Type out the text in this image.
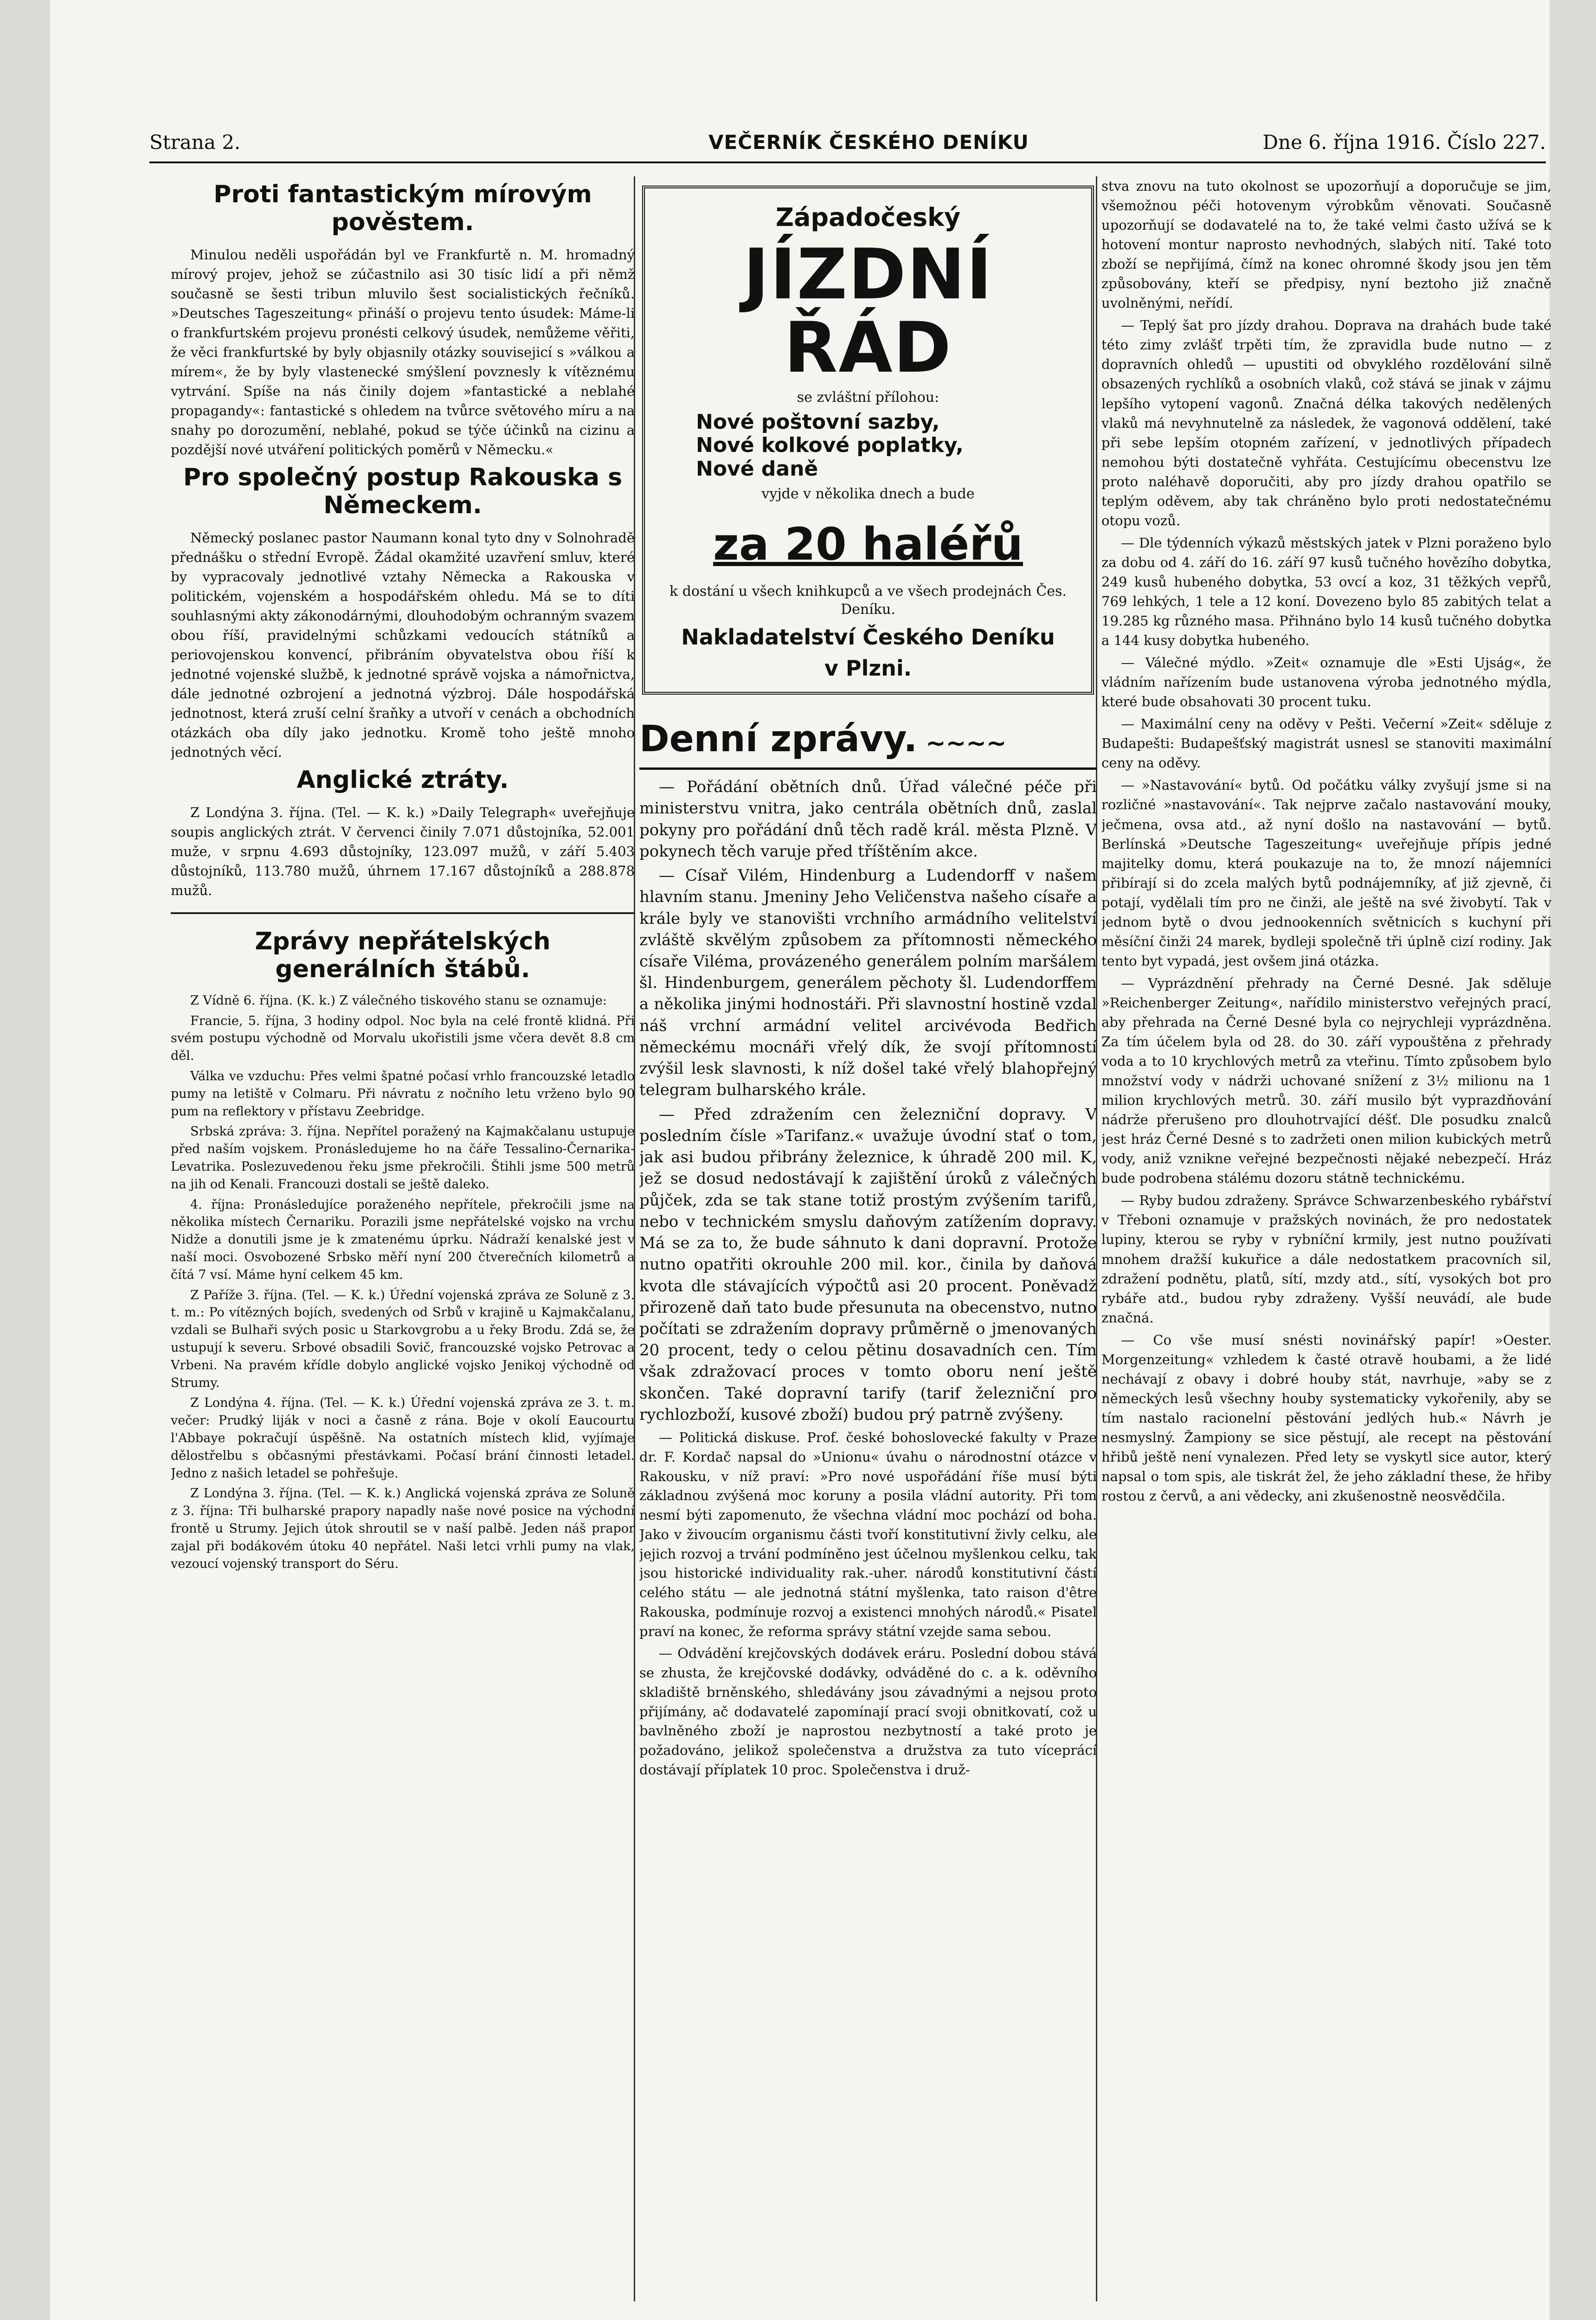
Strana 2.	VEČERNÍK ČESKÉHO DENÍKU	Dne 6. října 1916. Číslo 227.
Proti fantastickým mírovým pověstem.

Minulou neděli uspořádán byl ve Frankfurtě n. M. hromadný mírový projev, jehož se zúčastnilo asi 30 tisíc lidí a při němž současně se šesti tribun mluvilo šest socialistických řečníků. »Deutsches Tageszeitung« přináší o projevu tento úsudek: Máme-li o frankfurtském projevu pronésti celkový úsudek, nemůžeme věřiti, že věci frankfurtské by byly objasnily otázky souvisejicí s »válkou a mírem«, že by byly vlastenecké smýšlení povznesly k vítěznému vytrvání. Spíše na nás činily dojem »fantastické a neblahé propagandy«: fantastické s ohledem na tvůrce světového míru a na snahy po dorozumění, neblahé, pokud se týče účinků na cizinu a pozdější nové utváření politických poměrů v Německu.«

Pro společný postup Rakouska s Německem.

Německý poslanec pastor Naumann konal tyto dny v Solnohradě přednášku o střední Evropě. Žádal okamžité uzavření smluv, které by vypracovaly jednotlivé vztahy Německa a Rakouska v politickém, vojenském a hospodářském ohledu. Má se to díti souhlasnými akty zákonodárnými, dlouhodobým ochranným svazem obou říší, pravidelnými schůzkami vedoucích státníků a periovojenskou konvencí, přibráním obyvatelstva obou říší k jednotné vojenské službě, k jednotné správě vojska a námořnictva, dále jednotné ozbrojení a jednotná výzbroj. Dále hospodářská jednotnost, která zruší celní šraňky a utvoří v cenách a obchodních otázkách oba díly jako jednotku. Kromě toho ještě mnoho jednotných věcí.

Anglické ztráty.

Z Londýna 3. října. (Tel. — K. k.) »Daily Telegraph« uveřejňuje soupis anglických ztrát. V červenci činily 7.071 důstojníka, 52.001 muže, v srpnu 4.693 důstojníky, 123.097 mužů, v září 5.403 důstojníků, 113.780 mužů, úhrnem 17.167 důstojníků a 288.878 mužů.

Zprávy nepřátelských generálních štábů.

Z Vídně 6. října. (K. k.) Z válečného tiskového stanu se oznamuje:

Francie, 5. října, 3 hodiny odpol. Noc byla na celé frontě klidná. Při svém postupu východně od Morvalu ukořistili jsme včera devět 8.8 cm děl.

Válka ve vzduchu: Přes velmi špatné počasí vrhlo francouzské letadlo pumy na letiště v Colmaru. Při návratu z nočního letu vrženo bylo 90 pum na reflektory v přístavu Zeebridge.

Srbská zpráva: 3. října. Nepřítel poražený na Kajmakčalanu ustupuje před naším vojskem. Pronásledujeme ho na čáře Tessalino-Černarika-Levatrika. Poslezuvedenou řeku jsme překročili. Štihli jsme 500 metrů na jih od Kenali. Francouzi dostali se ještě daleko.

4. října: Pronásledujíce poraženého nepřítele, překročili jsme na několika místech Černariku. Porazili jsme nepřátelské vojsko na vrchu Nidže a donutili jsme je k zmatenému úprku. Nádraží kenalské jest v naší moci. Osvobozené Srbsko měří nyní 200 čtverečních kilometrů a čítá 7 vsí. Máme hyní celkem 45 km.

Z Paříže 3. října. (Tel. — K. k.) Úřední vojenská zpráva ze Soluně z 3. t. m.: Po vítězných bojích, svedených od Srbů v krajině u Kajmakčalanu, vzdali se Bulhaři svých posic u Starkovgrobu a u řeky Brodu. Zdá se, že ustupují k severu. Srbové obsadili Sovič, francouzské vojsko Petrovac a Vrbeni. Na pravém křídle dobylo anglické vojsko Jenikoj východně od Strumy.

Z Londýna 4. října. (Tel. — K. k.) Úřední vojenská zpráva ze 3. t. m. večer: Prudký liják v noci a časně z rána. Boje v okolí Eaucourtu l'Abbaye pokračují úspěšně. Na ostatních místech klid, vyjímaje dělostřelbu s občasnými přestávkami. Počasí brání činnosti letadel. Jedno z našich letadel se pohřešuje.

Z Londýna 3. října. (Tel. — K. k.) Anglická vojenská zpráva ze Soluně z 3. října: Tři bulharské prapory napadly naše nové posice na východní frontě u Strumy. Jejich útok shroutil se v naší palbě. Jeden náš prapor zajal při bodákovém útoku 40 nepřátel. Naši letci vrhli pumy na vlak, vezoucí vojenský transport do Séru.

Západočeský
JÍZDNÍ ŘÁD
se zvláštní přílohou:
Nové poštovní sazby,
Nové kolkové poplatky,
Nové daně
vyjde v několika dnech a bude
za 20 haléřů
k dostání u všech knihkupců a ve všech prodejnách Čes. Deníku.
Nakladatelství Českého Deníku
v Plzni.
Denní zprávy. ~~~~

— Pořádání obětních dnů. Úřad válečné péče při ministerstvu vnitra, jako centrála obětních dnů, zaslal pokyny pro pořádání dnů těch radě král. města Plzně. V pokynech těch varuje před tříštěním akce.

— Císař Vilém, Hindenburg a Ludendorff v našem hlavním stanu. Jmeniny Jeho Veličenstva našeho císaře a krále byly ve stanovišti vrchního armádního velitelství zvláště skvělým způsobem za přítomnosti německého císaře Viléma, provázeného generálem polním maršálem šl. Hindenburgem, generálem pěchoty šl. Ludendorffem a několika jinými hodnostáři. Při slavnostní hostině vzdal náš vrchní armádní velitel arcivévoda Bedřich německému mocnáři vřelý dík, že svojí přítomností zvýšil lesk slavnosti, k níž došel také vřelý blahopřejný telegram bulharského krále.

— Před zdražením cen železniční dopravy. V posledním čísle »Tarifanz.« uvažuje úvodní stať o tom, jak asi budou přibrány železnice, k úhradě 200 mil. K, jež se dosud nedostávají k zajištění úroků z válečných půjček, zda se tak stane totiž prostým zvýšením tarifů, nebo v technickém smyslu daňovým zatížením dopravy. Má se za to, že bude sáhnuto k dani dopravní. Protože nutno opatřiti okrouhle 200 mil. kor., činila by daňová kvota dle stávajících výpočtů asi 20 procent. Poněvadž přirozeně daň tato bude přesunuta na obecenstvo, nutno počítati se zdražením dopravy průměrně o jmenovaných 20 procent, tedy o celou pětinu dosavadních cen. Tím však zdražovací proces v tomto oboru není ještě skončen. Také dopravní tarify (tarif železniční pro rychlozboží, kusové zboží) budou prý patrně zvýšeny.

— Politická diskuse. Prof. české bohoslovecké fakulty v Praze dr. F. Kordač napsal do »Unionu« úvahu o národnostní otázce v Rakousku, v níž praví: »Pro nové uspořádání říše musí býti základnou zvýšená moc koruny a posila vládní autority. Při tom nesmí býti zapomenuto, že všechna vládní moc pochází od boha. Jako v živoucím organismu části tvoří konstitutivní živly celku, ale jejich rozvoj a trvání podmíněno jest účelnou myšlenkou celku, tak jsou historické individuality rak.-uher. národů konstitutivní částí celého státu — ale jednotná státní myšlenka, tato raison d'être Rakouska, podmínuje rozvoj a existenci mnohých národů.« Pisatel praví na konec, že reforma správy státní vzejde sama sebou.

— Odvádění krejčovských dodávek eráru. Poslední dobou stává se zhusta, že krejčovské dodávky, odváděné do c. a k. oděvního skladiště brněnského, shledávány jsou závadnými a nejsou proto přijímány, ač dodavatelé zapomínají prací svoji obnitkovatí, což u bavlněného zboží je naprostou nezbytností a také proto je požadováno, jelikož společenstva a družstva za tuto víceprácí dostávají příplatek 10 proc. Společenstva i druž-

stva znovu na tuto okolnost se upozorňují a doporučuje se jim, všemožnou péči hotovenym výrobkům věnovati. Současně upozorňují se dodavatelé na to, že také velmi často užívá se k hotovení montur naprosto nevhodných, slabých nití. Také toto zboží se nepřijímá, čímž na konec ohromné škody jsou jen těm způsobovány, kteří se předpisy, nyní beztoho již značně uvolněnými, neřídí.

— Teplý šat pro jízdy drahou. Doprava na drahách bude také této zimy zvlášť trpěti tím, že zpravidla bude nutno — z dopravních ohledů — upustiti od obvyklého rozdělování silně obsazených rychlíků a osobních vlaků, což stává se jinak v zájmu lepšího vytopení vagonů. Značná délka takových nedělených vlaků má nevyhnutelně za následek, že vagonová oddělení, také při sebe lepším otopném zařízení, v jednotlivých případech nemohou býti dostatečně vyhřáta. Cestujícímu obecenstvu lze proto naléhavě doporučiti, aby pro jízdy drahou opatřilo se teplým oděvem, aby tak chráněno bylo proti nedostatečnému otopu vozů.

— Dle týdenních výkazů městských jatek v Plzni poraženo bylo za dobu od 4. září do 16. září 97 kusů tučného hovězího dobytka, 249 kusů hubeného dobytka, 53 ovcí a koz, 31 těžkých vepřů, 769 lehkých, 1 tele a 12 koní. Dovezeno bylo 85 zabitých telat a 19.285 kg různého masa. Přihnáno bylo 14 kusů tučného dobytka a 144 kusy dobytka hubeného.

— Válečné mýdlo. »Zeit« oznamuje dle »Esti Ujság«, že vládním nařízením bude ustanovena výroba jednotného mýdla, které bude obsahovati 30 procent tuku.

— Maximální ceny na oděvy v Pešti. Večerní »Zeit« sděluje z Budapešti: Budapešťský magistrát usnesl se stanoviti maximální ceny na oděvy.

— »Nastavování« bytů. Od počátku války zvyšují jsme si na rozličné »nastavování«. Tak nejprve začalo nastavování mouky, ječmena, ovsa atd., až nyní došlo na nastavování — bytů. Berlínská »Deutsche Tageszeitung« uveřejňuje přípis jedné majitelky domu, která poukazuje na to, že mnozí nájemníci přibírají si do zcela malých bytů podnájemníky, ať již zjevně, či potají, vydělali tím pro ne činži, ale ještě na své živobytí. Tak v jednom bytě o dvou jednookenních světnicích s kuchyní při měsíční činži 24 marek, bydleji společně tři úplně cizí rodiny. Jak tento byt vypadá, jest ovšem jiná otázka.

— Vyprázdnění přehrady na Černé Desné. Jak sděluje »Reichenberger Zeitung«, nařídilo ministerstvo veřejných prací, aby přehrada na Černé Desné byla co nejrychleji vyprázdněna. Za tím účelem byla od 28. do 30. září vypouštěna z přehrady voda a to 10 krychlových metrů za vteřinu. Tímto způsobem bylo množství vody v nádrži uchované snížení z 3½ milionu na 1 milion krychlových metrů. 30. září musilo být vyprazdňování nádrže přerušeno pro dlouhotrvající déšť. Dle posudku znalců jest hráz Černé Desné s to zadržeti onen milion kubických metrů vody, aniž vznikne veřejné bezpečnosti nějaké nebezpečí. Hráz bude podrobena stálému dozoru státně technickému.

— Ryby budou zdraženy. Správce Schwarzenbeského rybářství v Třeboni oznamuje v pražských novinách, že pro nedostatek lupiny, kterou se ryby v rybníční krmily, jest nutno používati mnohem dražší kukuřice a dále nedostatkem pracovních sil, zdražení podnětu, platů, sítí, mzdy atd., sítí, vysokých bot pro rybáře atd., budou ryby zdraženy. Vyšší neuvádí, ale bude značná.

— Co vše musí snésti novinářský papír! »Oester. Morgenzeitung« vzhledem k časté otravě houbami, a že lidé nechávají z obavy i dobré houby stát, navrhuje, »aby se z německých lesů všechny houby systematicky vykořenily, aby se tím nastalo racionelní pěstování jedlých hub.« Návrh je nesmyslný. Žampiony se sice pěstují, ale recept na pěstování hřibů ještě není vynalezen. Před lety se vyskytl sice autor, který napsal o tom spis, ale tiskrát žel, že jeho základní these, že hřiby rostou z červů, a ani vědecky, ani zkušenostně neosvědčila.
